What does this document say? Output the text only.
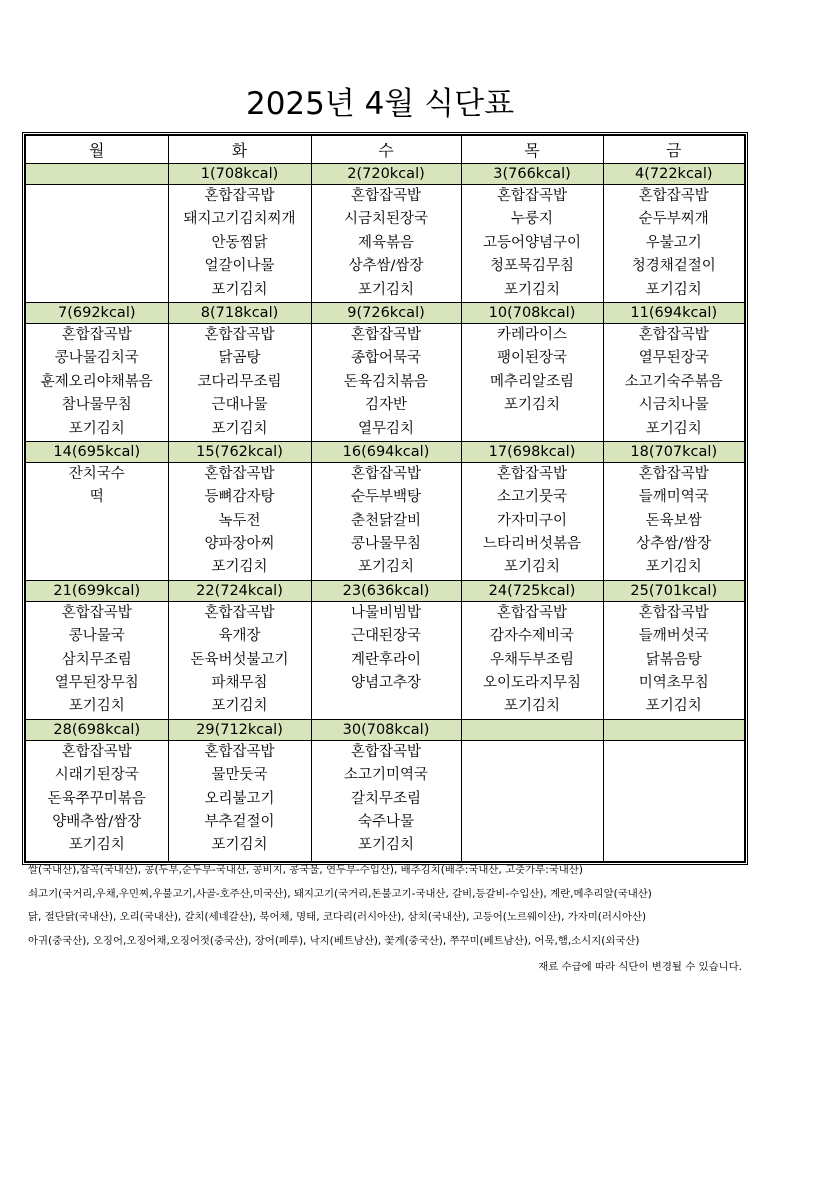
2025년 4월 식단표
월	화	수	목	금
	1(708kcal)	2(720kcal)	3(766kcal)	4(722kcal)

	혼합잡곡밥
돼지고기김치찌개
안동찜닭
얼갈이나물
포기김치	혼합잡곡밥
시금치된장국
제육볶음
상추쌈/쌈장
포기김치	혼합잡곡밥
누룽지
고등어양념구이
청포묵김무침
포기김치	혼합잡곡밥
순두부찌개
우불고기
청경채겉절이
포기김치

7(692kcal)	8(718kcal)	9(726kcal)	10(708kcal)	11(694kcal)

혼합잡곡밥
콩나물김치국
훈제오리야채볶음
참나물무침
포기김치	혼합잡곡밥
닭곰탕
코다리무조림
근대나물
포기김치	혼합잡곡밥
종합어묵국
돈육김치볶음
김자반
열무김치	카레라이스
팽이된장국
메추리알조림
포기김치	혼합잡곡밥
열무된장국
소고기숙주볶음
시금치나물
포기김치

14(695kcal)	15(762kcal)	16(694kcal)	17(698kcal)	18(707kcal)

잔치국수
떡	혼합잡곡밥
등뼈감자탕
녹두전
양파장아찌
포기김치	혼합잡곡밥
순두부백탕
춘천닭갈비
콩나물무침
포기김치	혼합잡곡밥
소고기뭇국
가자미구이
느타리버섯볶음
포기김치	혼합잡곡밥
들깨미역국
돈육보쌈
상추쌈/쌈장
포기김치

21(699kcal)	22(724kcal)	23(636kcal)	24(725kcal)	25(701kcal)

혼합잡곡밥
콩나물국
삼치무조림
열무된장무침
포기김치	혼합잡곡밥
육개장
돈육버섯불고기
파채무침
포기김치	나물비빔밥
근대된장국
계란후라이
양념고추장	혼합잡곡밥
감자수제비국
우채두부조림
오이도라지무침
포기김치	혼합잡곡밥
들깨버섯국
닭볶음탕
미역초무침
포기김치

28(698kcal)	29(712kcal)	30(708kcal)		

혼합잡곡밥
시래기된장국
돈육쭈꾸미볶음
양배추쌈/쌈장
포기김치	혼합잡곡밥
물만둣국
오리불고기
부추겉절이
포기김치	혼합잡곡밥
소고기미역국
갈치무조림
숙주나물
포기김치		

쌀(국내산),잡곡(국내산), 콩(두부,순두부-국내산, 콩비지, 콩국물, 연두부-수입산), 배추김치(배추:국내산, 고춧가루:국내산)
쇠고기(국거리,우채,우민찌,우불고기,사골-호주산,미국산), 돼지고기(국거리,돈불고기-국내산, 갈비,등갈비-수입산), 계란,메추리알(국내산)
닭, 절단닭(국내산), 오리(국내산), 갈치(세네갈산), 북어채, 명태, 코다리(러시아산), 삼치(국내산), 고등어(노르웨이산), 가자미(러시아산)
아귀(중국산), 오징어,오징어채,오징어젓(중국산), 장어(페루), 낙지(베트남산), 꽃게(중국산), 쭈꾸미(베트남산), 어묵,햄,소시지(외국산)
재료 수급에 따라 식단이 변경될 수 있습니다.
